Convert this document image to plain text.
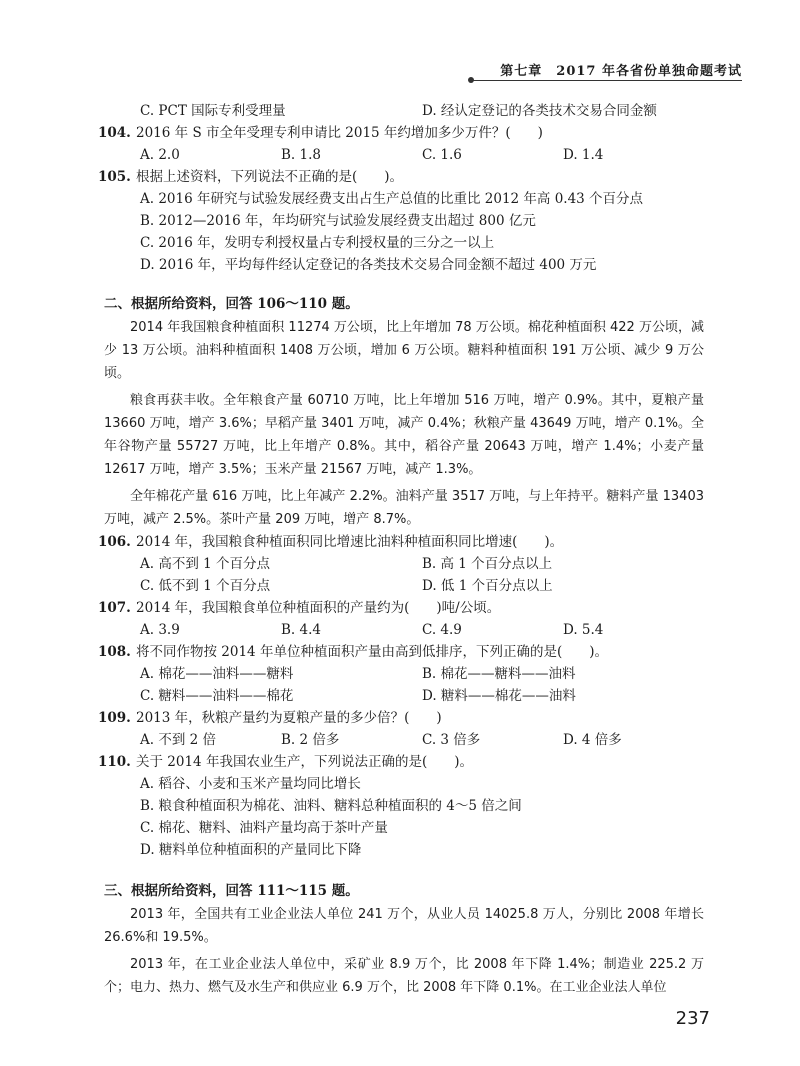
第七章　2017 年各省份单独命题考试
C. PCT 国际专利受理量	D. 经认定登记的各类技术交易合同金额
104. 2016 年 S 市全年受理专利申请比 2015 年约增加多少万件？(　　)
A. 2.0	B. 1.8	C. 1.6	D. 1.4
105. 根据上述资料，下列说法不正确的是(　　)。
A. 2016 年研究与试验发展经费支出占生产总值的比重比 2012 年高 0.43 个百分点
B. 2012—2016 年，年均研究与试验发展经费支出超过 800 亿元
C. 2016 年，发明专利授权量占专利授权量的三分之一以上
D. 2016 年，平均每件经认定登记的各类技术交易合同金额不超过 400 万元
二、根据所给资料，回答 106～110 题。
2014 年我国粮食种植面积 11274 万公顷，比上年增加 78 万公顷。棉花种植面积 422 万公顷，减少 13 万公顷。油料种植面积 1408 万公顷，增加 6 万公顷。糖料种植面积 191 万公顷、减少 9 万公顷。
粮食再获丰收。全年粮食产量 60710 万吨，比上年增加 516 万吨，增产 0.9%。其中，夏粮产量 13660 万吨，增产 3.6%；早稻产量 3401 万吨，减产 0.4%；秋粮产量 43649 万吨，增产 0.1%。全年谷物产量 55727 万吨，比上年增产 0.8%。其中，稻谷产量 20643 万吨，增产 1.4%；小麦产量 12617 万吨，增产 3.5%；玉米产量 21567 万吨，减产 1.3%。
全年棉花产量 616 万吨，比上年减产 2.2%。油料产量 3517 万吨，与上年持平。糖料产量 13403 万吨，减产 2.5%。茶叶产量 209 万吨，增产 8.7%。
106. 2014 年，我国粮食种植面积同比增速比油料种植面积同比增速(　　)。
A. 高不到 1 个百分点	B. 高 1 个百分点以上
C. 低不到 1 个百分点	D. 低 1 个百分点以上
107. 2014 年，我国粮食单位种植面积的产量约为(　　)吨/公顷。
A. 3.9	B. 4.4	C. 4.9	D. 5.4
108. 将不同作物按 2014 年单位种植面积产量由高到低排序，下列正确的是(　　)。
A. 棉花——油料——糖料	B. 棉花——糖料——油料
C. 糖料——油料——棉花	D. 糖料——棉花——油料
109. 2013 年，秋粮产量约为夏粮产量的多少倍？(　　)
A. 不到 2 倍	B. 2 倍多	C. 3 倍多	D. 4 倍多
110. 关于 2014 年我国农业生产，下列说法正确的是(　　)。
A. 稻谷、小麦和玉米产量均同比增长
B. 粮食种植面积为棉花、油料、糖料总种植面积的 4～5 倍之间
C. 棉花、糖料、油料产量均高于茶叶产量
D. 糖料单位种植面积的产量同比下降
三、根据所给资料，回答 111～115 题。
2013 年，全国共有工业企业法人单位 241 万个，从业人员 14025.8 万人，分别比 2008 年增长 26.6%和 19.5%。
2013 年，在工业企业法人单位中，采矿业 8.9 万个，比 2008 年下降 1.4%；制造业 225.2 万个；电力、热力、燃气及水生产和供应业 6.9 万个，比 2008 年下降 0.1%。在工业企业法人单位
237
